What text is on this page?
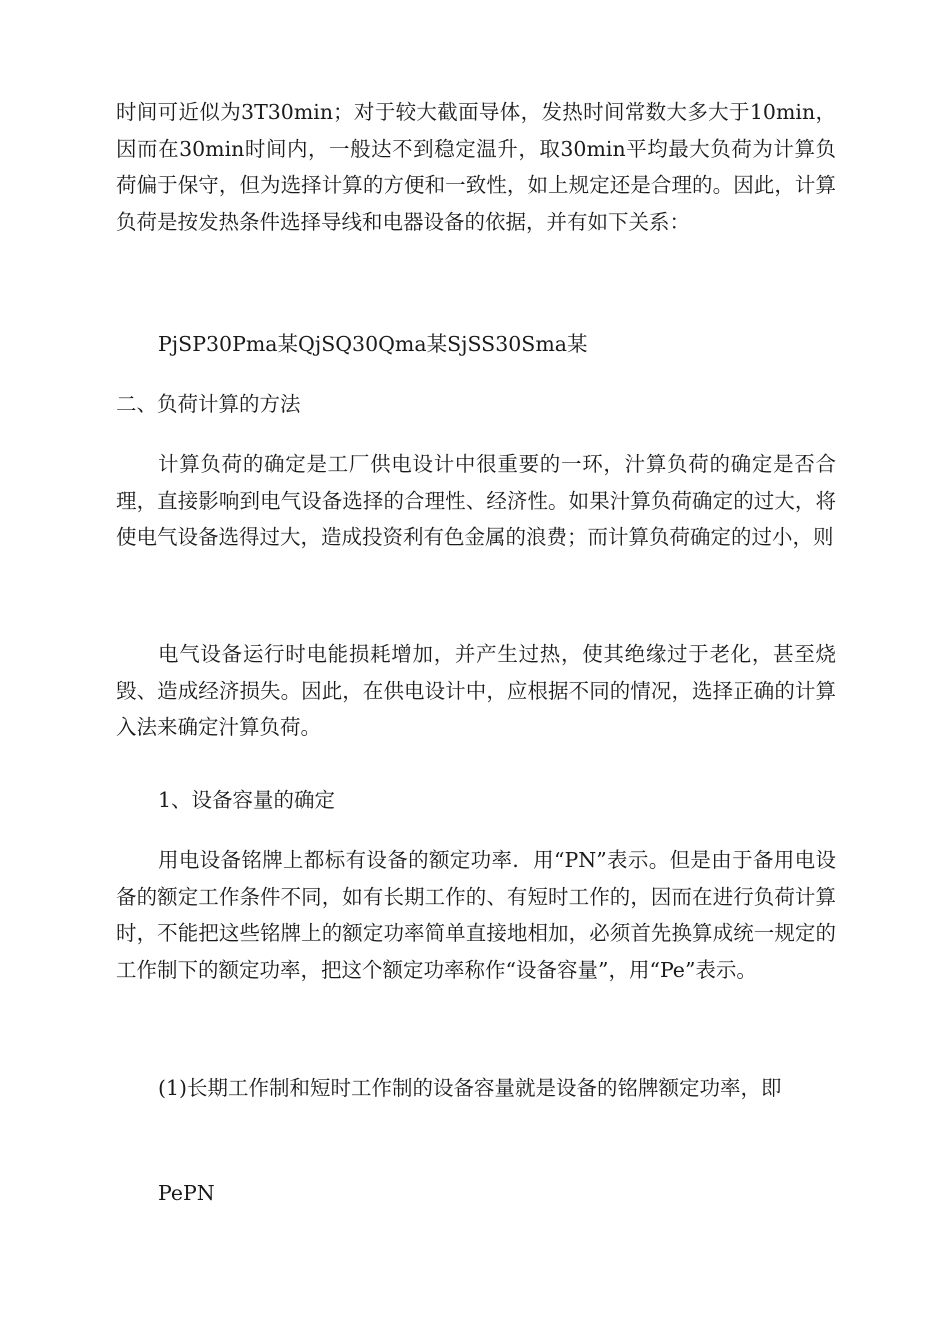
时间可近似为3T30min；对于较大截面导体，发热时间常数大多大于10min，因而在30min时间内，一般达不到稳定温升，取30min平均最大负荷为计算负荷偏于保守，但为选择计算的方便和一致性，如上规定还是合理的。因此，计算负荷是按发热条件选择导线和电器设备的依据，并有如下关系：

PjSP30Pma某QjSQ30Qma某SjSS30Sma某

二、负荷计算的方法

计算负荷的确定是工厂供电设计中很重要的一环，汁算负荷的确定是否合理，直接影响到电气设备选择的合理性、经济性。如果汁算负荷确定的过大，将使电气设备选得过大，造成投资利有色金属的浪费；而计算负荷确定的过小，则

电气设备运行时电能损耗增加，并产生过热，使其绝缘过于老化，甚至烧毁、造成经济损失。因此，在供电设计中，应根据不同的情况，选择正确的计算入法来确定汁算负荷。

1、设备容量的确定

用电设备铭牌上都标有设备的额定功率．用“PN”表示。但是由于备用电设备的额定工作条件不同，如有长期工作的、有短时工作的，因而在进行负荷计算时，不能把这些铭牌上的额定功率简单直接地相加，必须首先换算成统一规定的工作制下的额定功率，把这个额定功率称作“设备容量”，用“Pe”表示。

(1)长期工作制和短时工作制的设备容量就是设备的铭牌额定功率，即

PePN
